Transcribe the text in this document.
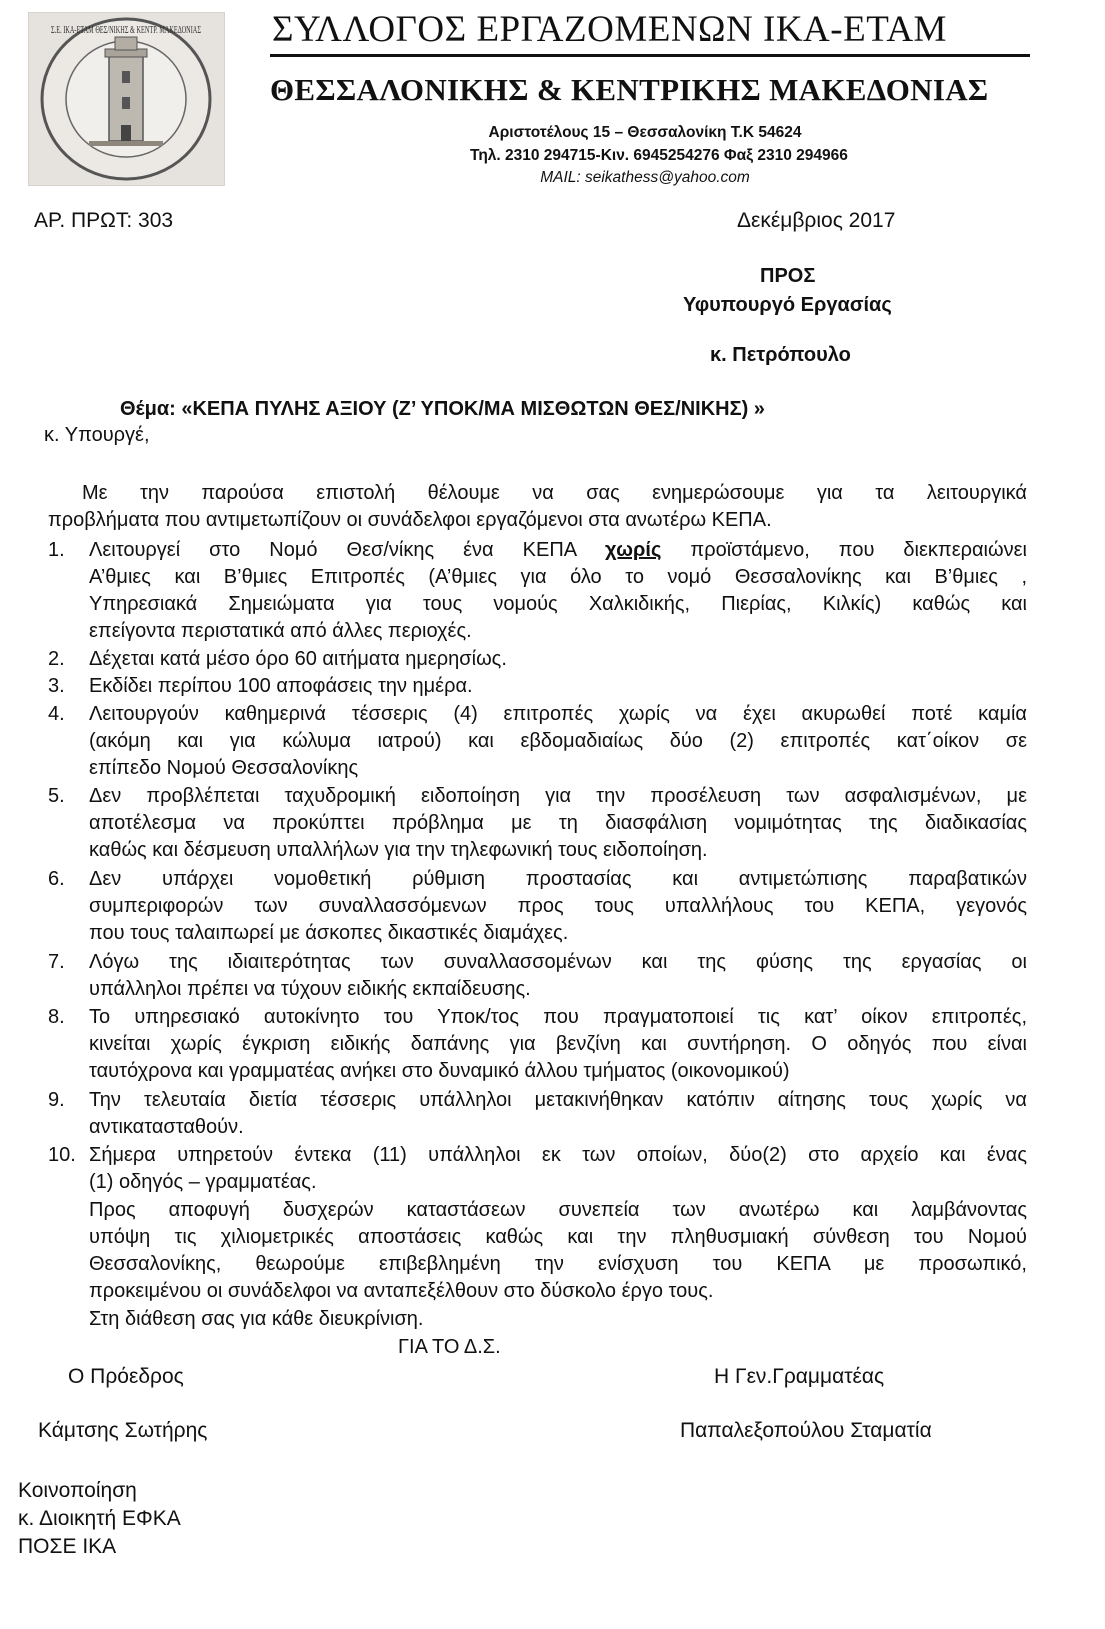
Σ.Ε. ΙΚΑ-ΕΤΑΜ ΘΕΣ/ΝΙΚΗΣ & ΚΕΝΤΡ. ΜΑΚΕΔΟΝΙΑΣ ΣΥΛΛΟΓΟΣ ΕΡΓΑΖΟΜΕΝΩΝ ΙΚΑ-ΕΤΑΜ
ΘΕΣΣΑΛΟΝΙΚΗΣ & ΚΕΝΤΡΙΚΗΣ ΜΑΚΕΔΟΝΙΑΣ
Αριστοτέλους 15 – Θεσσαλονίκη Τ.Κ 54624
Τηλ. 2310 294715-Κιν. 6945254276 Φαξ 2310 294966
MAIL: seikathess@yahoo.com
ΑΡ. ΠΡΩΤ: 303	Δεκέμβριος 2017
ΠΡΟΣ
Υφυπουργό Εργασίας
κ. Πετρόπουλο
Θέμα: «ΚΕΠΑ ΠΥΛΗΣ ΑΞΙΟΥ (Ζ’ ΥΠΟΚ/ΜΑ ΜΙΣΘΩΤΩΝ ΘΕΣ/ΝΙΚΗΣ) »
κ. Υπουργέ,
Με την παρούσα επιστολή θέλουμε να σας ενημερώσουμε για τα λειτουργικά
προβλήματα που αντιμετωπίζουν οι συνάδελφοι εργαζόμενοι στα ανωτέρω ΚΕΠΑ.
1. Λειτουργεί στο Νομό Θεσ/νίκης ένα ΚΕΠΑ χωρίς προϊστάμενο, που διεκπεραιώνει
Α’θμιες και Β’θμιες Επιτροπές (Α’θμιες για όλο το νομό Θεσσαλονίκης και Β’θμιες ,
Υπηρεσιακά Σημειώματα για τους νομούς Χαλκιδικής, Πιερίας, Κιλκίς) καθώς και
επείγοντα περιστατικά από άλλες περιοχές.
2. Δέχεται κατά μέσο όρο 60 αιτήματα ημερησίως.
3. Εκδίδει περίπου 100 αποφάσεις την ημέρα.
4. Λειτουργούν καθημερινά τέσσερις (4) επιτροπές χωρίς να έχει ακυρωθεί ποτέ καμία
(ακόμη και για κώλυμα ιατρού) και εβδομαδιαίως δύο (2) επιτροπές κατ΄οίκον σε
επίπεδο Νομού Θεσσαλονίκης
5. Δεν προβλέπεται ταχυδρομική ειδοποίηση για την προσέλευση των ασφαλισμένων, με
αποτέλεσμα να προκύπτει πρόβλημα με τη διασφάλιση νομιμότητας της διαδικασίας
καθώς και δέσμευση υπαλλήλων για την τηλεφωνική τους ειδοποίηση.
6. Δεν υπάρχει νομοθετική ρύθμιση προστασίας και αντιμετώπισης παραβατικών
συμπεριφορών των συναλλασσόμενων προς τους υπαλλήλους του ΚΕΠΑ, γεγονός
που τους ταλαιπωρεί με άσκοπες δικαστικές διαμάχες.
7. Λόγω της ιδιαιτερότητας των συναλλασσομένων και της φύσης της εργασίας οι
υπάλληλοι πρέπει να τύχουν ειδικής εκπαίδευσης.
8. Το υπηρεσιακό αυτοκίνητο του Υποκ/τος που πραγματοποιεί τις κατ’ οίκον επιτροπές,
κινείται χωρίς έγκριση ειδικής δαπάνης για βενζίνη και συντήρηση. Ο οδηγός που είναι
ταυτόχρονα και γραμματέας ανήκει στο δυναμικό άλλου τμήματος (οικονομικού)
9. Την τελευταία διετία τέσσερις υπάλληλοι μετακινήθηκαν κατόπιν αίτησης τους χωρίς να
αντικατασταθούν.
10. Σήμερα υπηρετούν έντεκα (11) υπάλληλοι εκ των οποίων, δύο(2) στο αρχείο και ένας
(1) οδηγός – γραμματέας.
Προς αποφυγή δυσχερών καταστάσεων συνεπεία των ανωτέρω και λαμβάνοντας
υπόψη τις χιλιομετρικές αποστάσεις καθώς και την πληθυσμιακή σύνθεση του Νομού
Θεσσαλονίκης, θεωρούμε επιβεβλημένη την ενίσχυση του ΚΕΠΑ με προσωπικό,
προκειμένου οι συνάδελφοι να ανταπεξέλθουν στο δύσκολο έργο τους.
Στη διάθεση σας για κάθε διευκρίνιση.
ΓΙΑ ΤΟ Δ.Σ.
Ο Πρόεδρος	Η Γεν.Γραμματέας
Κάμτσης Σωτήρης	Παπαλεξοπούλου Σταματία
Κοινοποίηση
κ. Διοικητή ΕΦΚΑ
ΠΟΣΕ ΙΚΑ
